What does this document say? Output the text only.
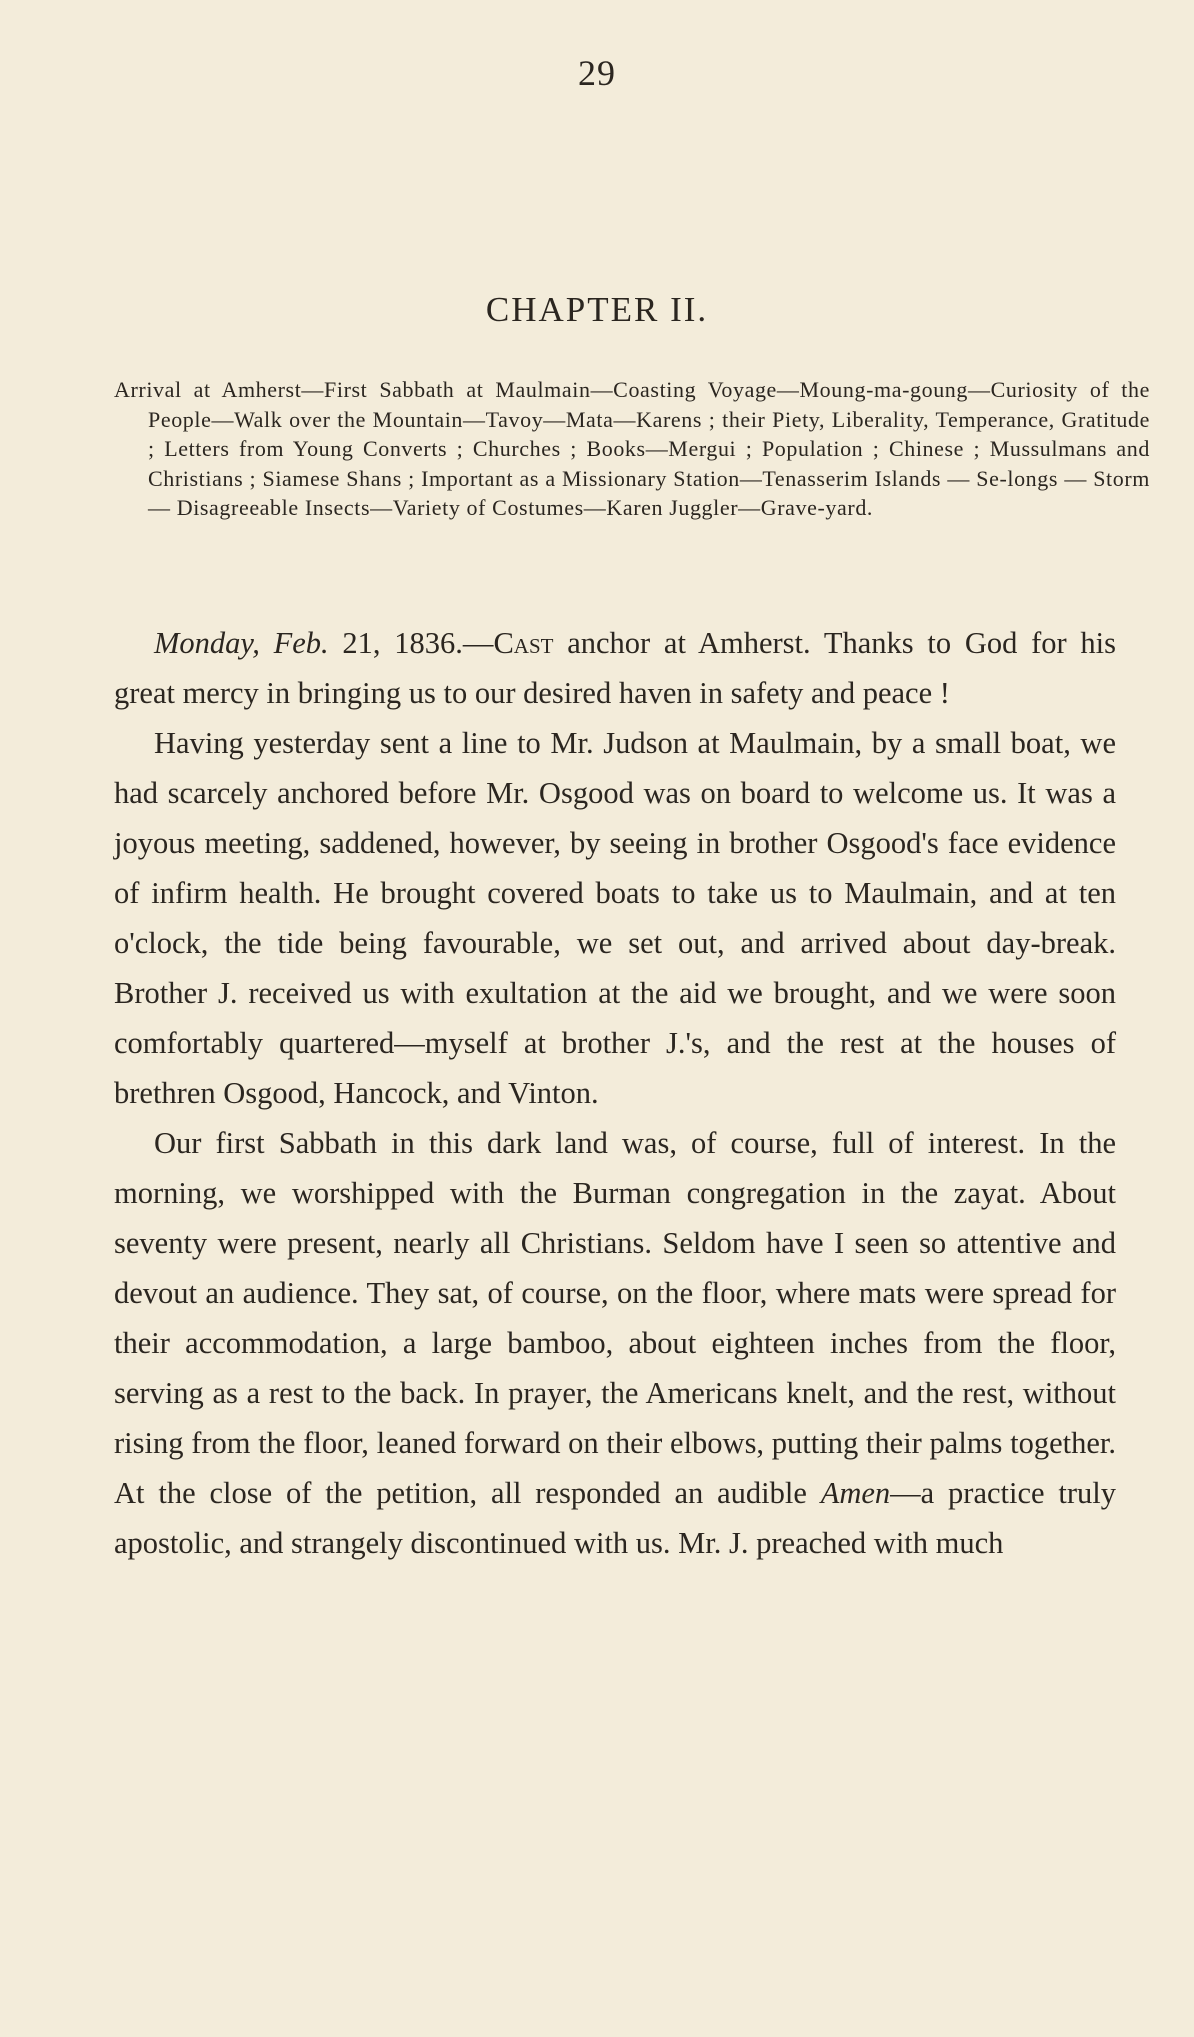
29
CHAPTER II.
Arrival at Amherst—First Sabbath at Maulmain—Coasting Voyage—Moung-ma-goung—Curiosity of the People—Walk over the Mountain—Tavoy—Mata—Karens ; their Piety, Liberality, Temperance, Gratitude ; Letters from Young Converts ; Churches ; Books—Mergui ; Population ; Chinese ; Mussulmans and Christians ; Siamese Shans ; Important as a Missionary Station—Tenasserim Islands — Se-longs — Storm — Disagreeable Insects—Variety of Costumes—Karen Juggler—Grave-yard.

Monday, Feb. 21, 1836.—Cast anchor at Amherst. Thanks to God for his great mercy in bringing us to our desired haven in safety and peace !

Having yesterday sent a line to Mr. Judson at Maulmain, by a small boat, we had scarcely anchored before Mr. Osgood was on board to welcome us. It was a joyous meeting, saddened, however, by seeing in brother Osgood's face evidence of infirm health. He brought covered boats to take us to Maulmain, and at ten o'clock, the tide being favourable, we set out, and arrived about day-break. Brother J. received us with exultation at the aid we brought, and we were soon comfortably quartered—myself at brother J.'s, and the rest at the houses of brethren Osgood, Hancock, and Vinton.

Our first Sabbath in this dark land was, of course, full of interest. In the morning, we worshipped with the Burman congregation in the zayat. About seventy were present, nearly all Christians. Seldom have I seen so attentive and devout an audience. They sat, of course, on the floor, where mats were spread for their accommodation, a large bamboo, about eighteen inches from the floor, serving as a rest to the back. In prayer, the Americans knelt, and the rest, without rising from the floor, leaned forward on their elbows, putting their palms together. At the close of the petition, all responded an audible Amen—a practice truly apostolic, and strangely discontinued with us. Mr. J. preached with much
